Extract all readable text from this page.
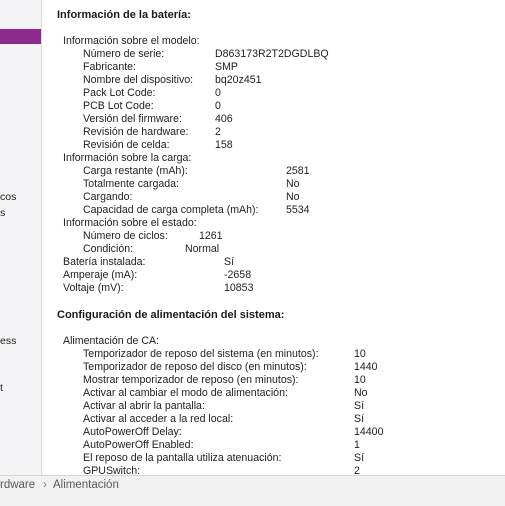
cos
s
ess
t
Información de la batería:
Información sobre el modelo:
Número de serie:	D863173R2T2DGDLBQ
Fabricante:	SMP
Nombre del dispositivo: bq20z451
Pack Lot Code:	0
PCB Lot Code:	0
Versión del firmware:	406
Revisión de hardware:	2
Revisión de celda:	158
Información sobre la carga:
Carga restante (mAh):	2581
Totalmente cargada:	No
Cargando:	No
Capacidad de carga completa (mAh):	5534
Información sobre el estado:
Número de ciclos:	1261
Condición:	Normal
Batería instalada:	Sí
Amperaje (mA):	-2658
Voltaje (mV):	10853
Configuración de alimentación del sistema:
Alimentación de CA:
Temporizador de reposo del sistema (en minutos):	10
Temporizador de reposo del disco (en minutos):	1440
Mostrar temporizador de reposo (en minutos):	10
Activar al cambiar el modo de alimentación:	No
Activar al abrir la pantalla:	Sí
Activar al acceder a la red local:	Sí
AutoPowerOff Delay:	14400
AutoPowerOff Enabled:	1
El reposo de la pantalla utiliza atenuación:	Sí
GPUSwitch:	2
rdware › Alimentación
